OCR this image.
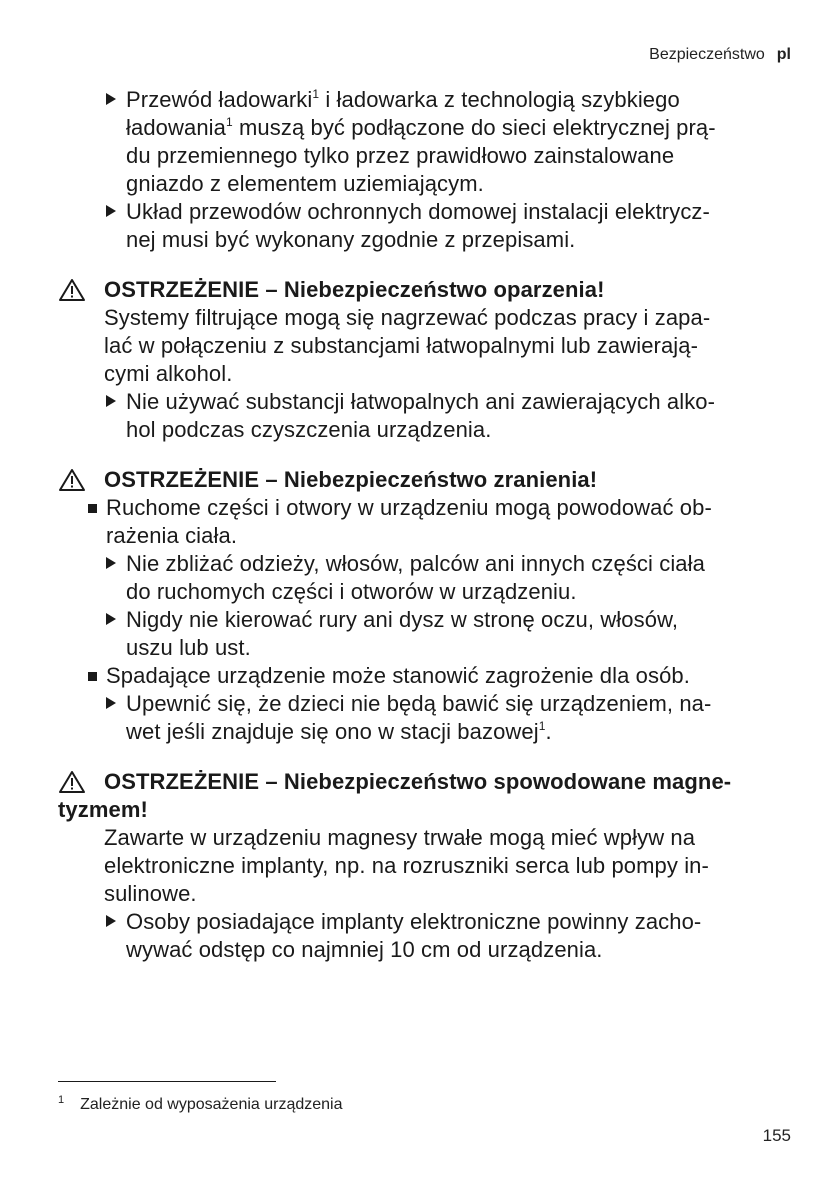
Bezpieczeństwo pl
Przewód ładowarki$^1$ i ładowarka z technologią szybkiego
ładowania$^1$ muszą być podłączone do sieci elektrycznej prą-
du przemiennego tylko przez prawidłowo zainstalowane
gniazdo z elementem uziemiającym.
Układ przewodów ochronnych domowej instalacji elektrycz-
nej musi być wykonany zgodnie z przepisami.
OSTRZEŻENIE – Niebezpieczeństwo oparzenia!
Systemy filtrujące mogą się nagrzewać podczas pracy i zapa-
lać w połączeniu z substancjami łatwopalnymi lub zawierają-
cymi alkohol.
Nie używać substancji łatwopalnych ani zawierających alko-
hol podczas czyszczenia urządzenia.
OSTRZEŻENIE – Niebezpieczeństwo zranienia!
Ruchome części i otwory w urządzeniu mogą powodować ob-
rażenia ciała.
Nie zbliżać odzieży, włosów, palców ani innych części ciała
do ruchomych części i otworów w urządzeniu.
Nigdy nie kierować rury ani dysz w stronę oczu, włosów,
uszu lub ust.
Spadające urządzenie może stanowić zagrożenie dla osób.
Upewnić się, że dzieci nie będą bawić się urządzeniem, na-
wet jeśli znajduje się ono w stacji bazowej$^1$.
OSTRZEŻENIE – Niebezpieczeństwo spowodowane magne-
tyzmem!
Zawarte w urządzeniu magnesy trwałe mogą mieć wpływ na
elektroniczne implanty, np. na rozruszniki serca lub pompy in-
sulinowe.
Osoby posiadające implanty elektroniczne powinny zacho-
wywać odstęp co najmniej 10 cm od urządzenia.
$^1$ Zależnie od wyposażenia urządzenia
155
